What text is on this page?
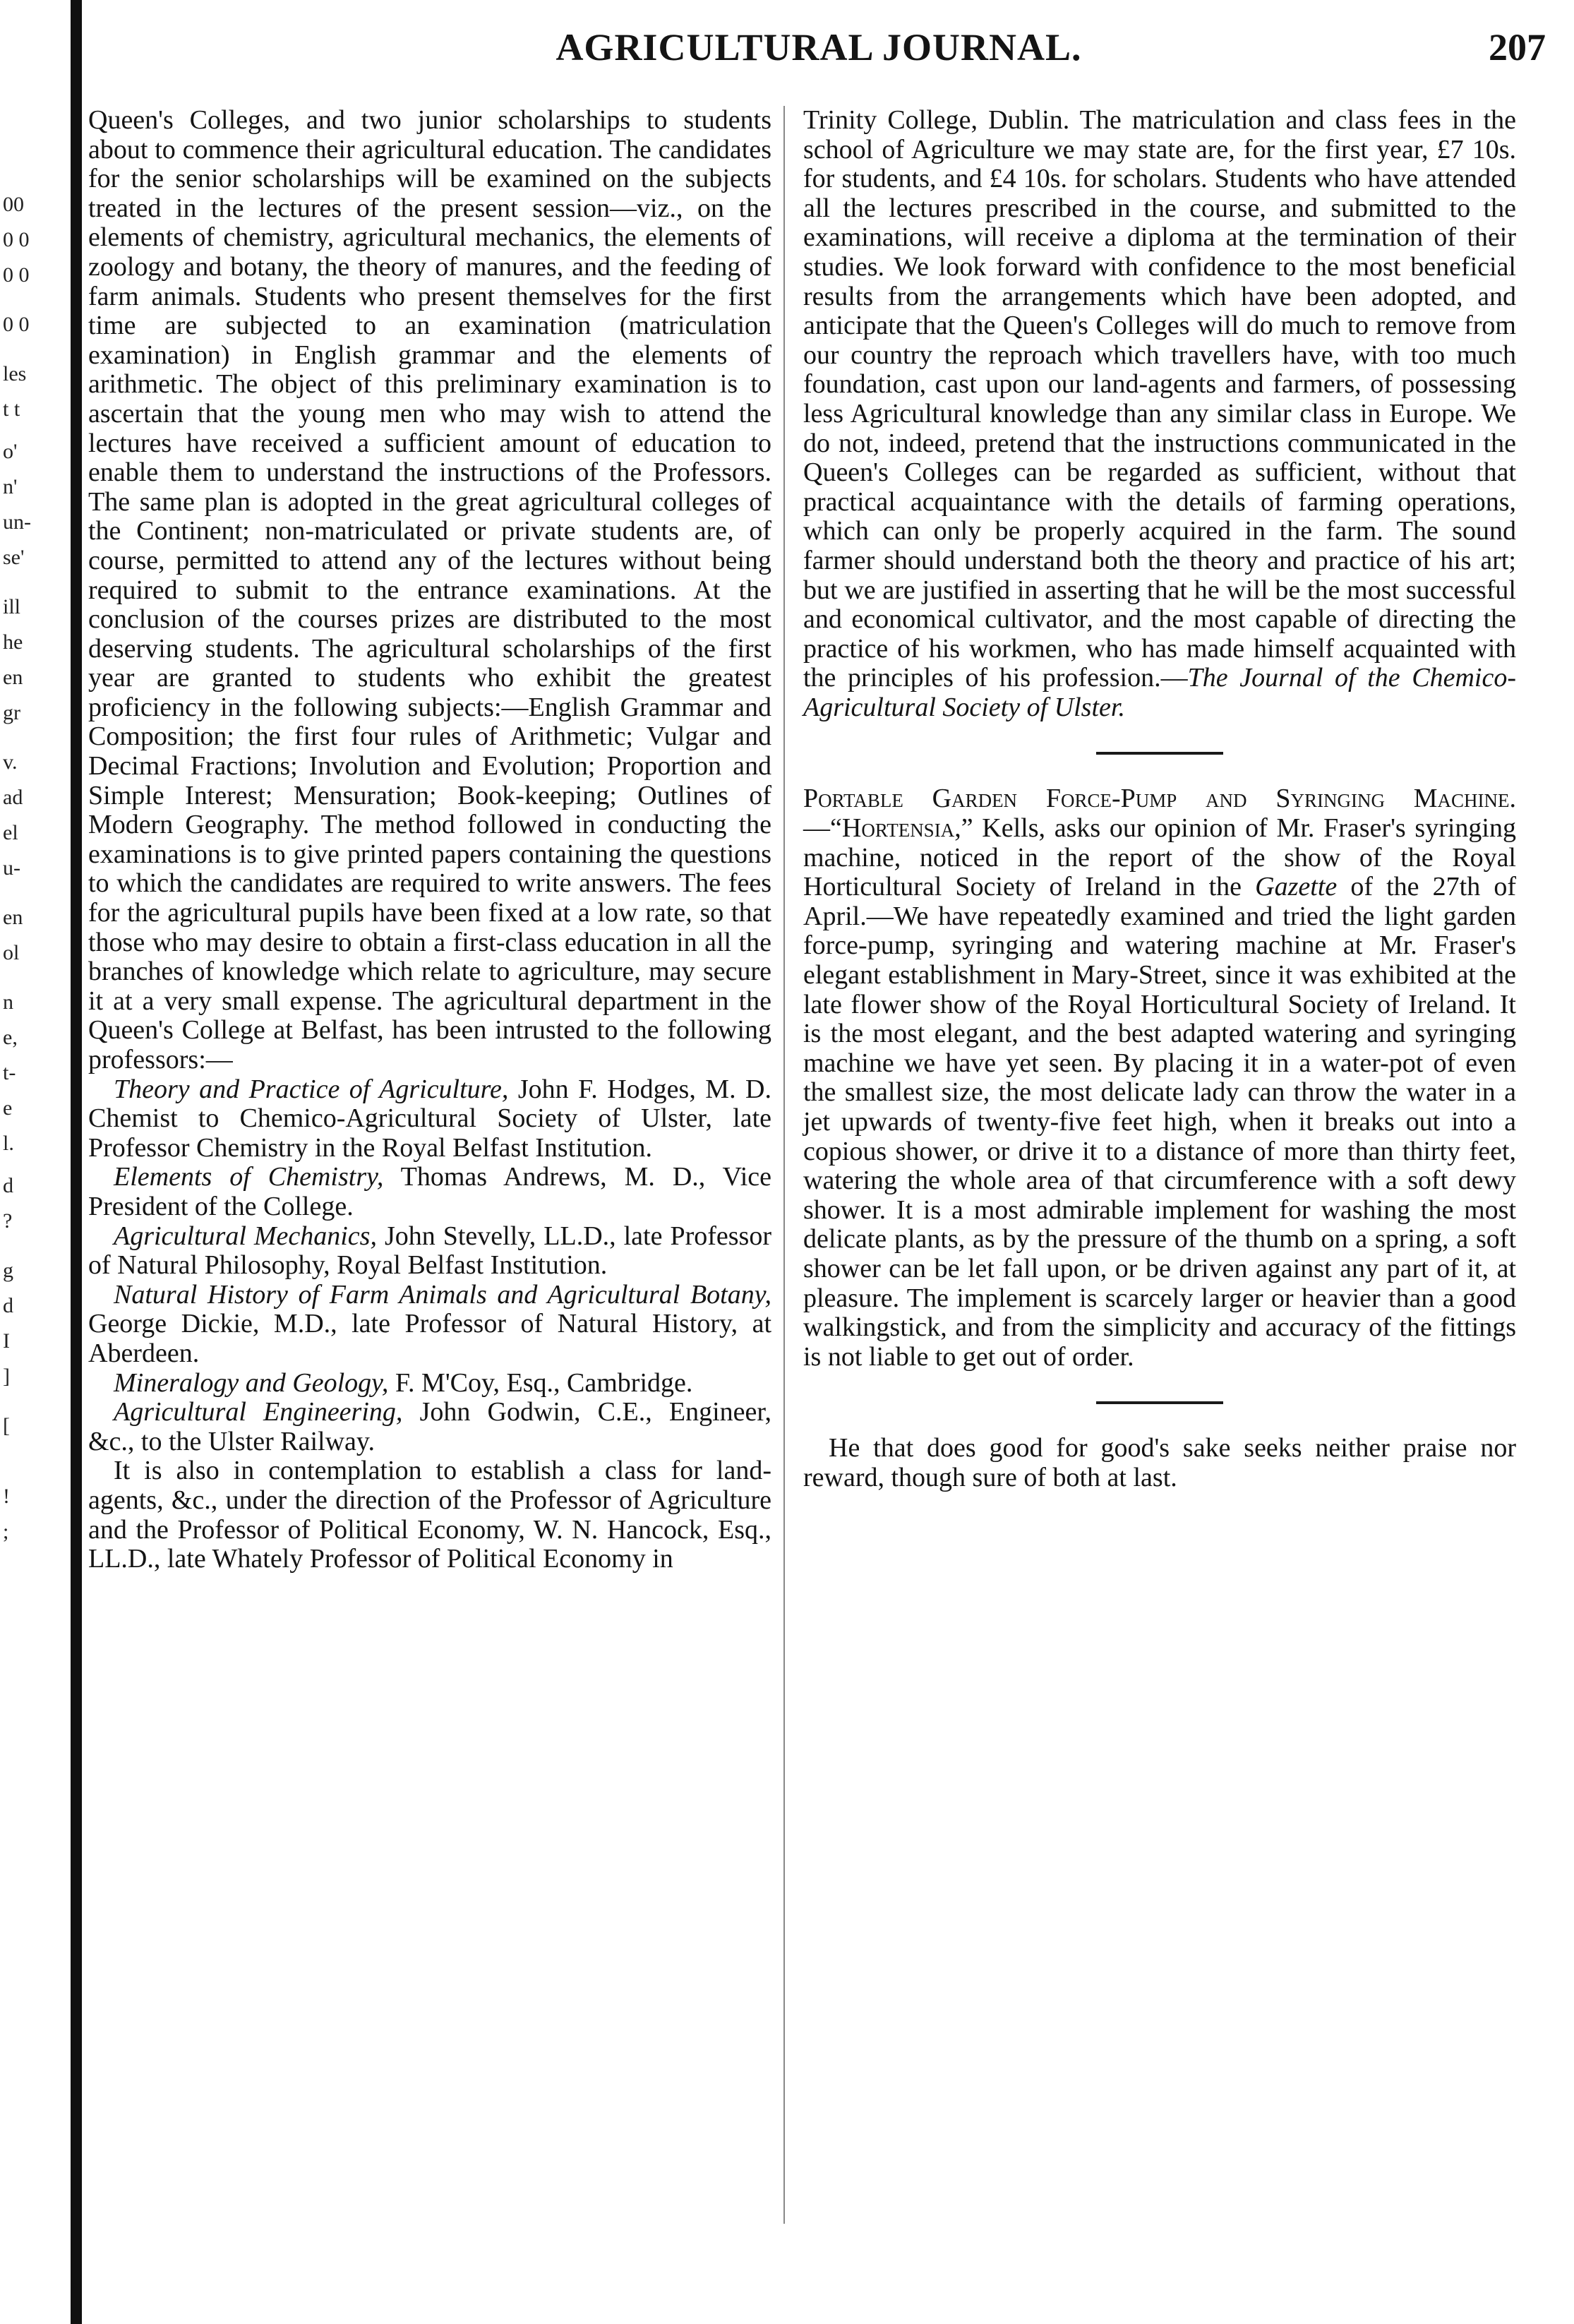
00
0 0
0 0
0 0
les
t t
o'
n'
un-
se'
ill
he
en
gr
v.
ad
el
u-
en
ol
n
e,
t-
e
l.
d
?
g
d
I
]
[
!
;
AGRICULTURAL JOURNAL.	207

Queen's Colleges, and two junior scholarships to students about to commence their agricultural education. The candidates for the senior scholarships will be examined on the subjects treated in the lectures of the present session—viz., on the elements of chemistry, agricultural mechanics, the elements of zoology and botany, the theory of manures, and the feeding of farm animals. Students who present themselves for the first time are subjected to an examination (matriculation examination) in English grammar and the elements of arithmetic. The object of this preliminary examination is to ascertain that the young men who may wish to attend the lectures have received a sufficient amount of education to enable them to understand the instructions of the Professors. The same plan is adopted in the great agricultural colleges of the Continent; non-matriculated or private students are, of course, permitted to attend any of the lectures without being required to submit to the entrance examinations. At the conclusion of the courses prizes are distributed to the most deserving students. The agricultural scholarships of the first year are granted to students who exhibit the greatest proficiency in the following subjects:—English Grammar and Composition; the first four rules of Arithmetic; Vulgar and Decimal Fractions; Involution and Evolution; Proportion and Simple Interest; Mensuration; Book-keeping; Outlines of Modern Geography. The method followed in conducting the examinations is to give printed papers containing the questions to which the candidates are required to write answers. The fees for the agricultural pupils have been fixed at a low rate, so that those who may desire to obtain a first-class education in all the branches of knowledge which relate to agriculture, may secure it at a very small expense. The agricultural department in the Queen's College at Belfast, has been intrusted to the following professors:—

Theory and Practice of Agriculture, John F. Hodges, M. D. Chemist to Chemico-Agricultural Society of Ulster, late Professor Chemistry in the Royal Belfast Institution.

Elements of Chemistry, Thomas Andrews, M. D., Vice President of the College.

Agricultural Mechanics, John Stevelly, LL.D., late Professor of Natural Philosophy, Royal Belfast Institution.

Natural History of Farm Animals and Agricultural Botany, George Dickie, M.D., late Professor of Natural History, at Aberdeen.

Mineralogy and Geology, F. M'Coy, Esq., Cambridge.

Agricultural Engineering, John Godwin, C.E., Engineer, &c., to the Ulster Railway.

It is also in contemplation to establish a class for land-agents, &c., under the direction of the Professor of Agriculture and the Professor of Political Economy, W. N. Hancock, Esq., LL.D., late Whately Professor of Political Economy in

Trinity College, Dublin. The matriculation and class fees in the school of Agriculture we may state are, for the first year, £7 10s. for students, and £4 10s. for scholars. Students who have attended all the lectures prescribed in the course, and submitted to the examinations, will receive a diploma at the termination of their studies. We look forward with confidence to the most beneficial results from the arrangements which have been adopted, and anticipate that the Queen's Colleges will do much to remove from our country the reproach which travellers have, with too much foundation, cast upon our land-agents and farmers, of possessing less Agricultural knowledge than any similar class in Europe. We do not, indeed, pretend that the instructions communicated in the Queen's Colleges can be regarded as sufficient, without that practical acquaintance with the details of farming operations, which can only be properly acquired in the farm. The sound farmer should understand both the theory and practice of his art; but we are justified in asserting that he will be the most successful and economical cultivator, and the most capable of directing the practice of his workmen, who has made himself acquainted with the principles of his profession.—The Journal of the Chemico-Agricultural Society of Ulster.

Portable Garden Force-Pump and Syringing Machine.—“Hortensia,” Kells, asks our opinion of Mr. Fraser's syringing machine, noticed in the report of the show of the Royal Horticultural Society of Ireland in the Gazette of the 27th of April.—We have repeatedly examined and tried the light garden force-pump, syringing and watering machine at Mr. Fraser's elegant establishment in Mary-Street, since it was exhibited at the late flower show of the Royal Horticultural Society of Ireland. It is the most elegant, and the best adapted watering and syringing machine we have yet seen. By placing it in a water-pot of even the smallest size, the most delicate lady can throw the water in a jet upwards of twenty-five feet high, when it breaks out into a copious shower, or drive it to a distance of more than thirty feet, watering the whole area of that circumference with a soft dewy shower. It is a most admirable implement for washing the most delicate plants, as by the pressure of the thumb on a spring, a soft shower can be let fall upon, or be driven against any part of it, at pleasure. The implement is scarcely larger or heavier than a good walkingstick, and from the simplicity and accuracy of the fittings is not liable to get out of order.

He that does good for good's sake seeks neither praise nor reward, though sure of both at last.
